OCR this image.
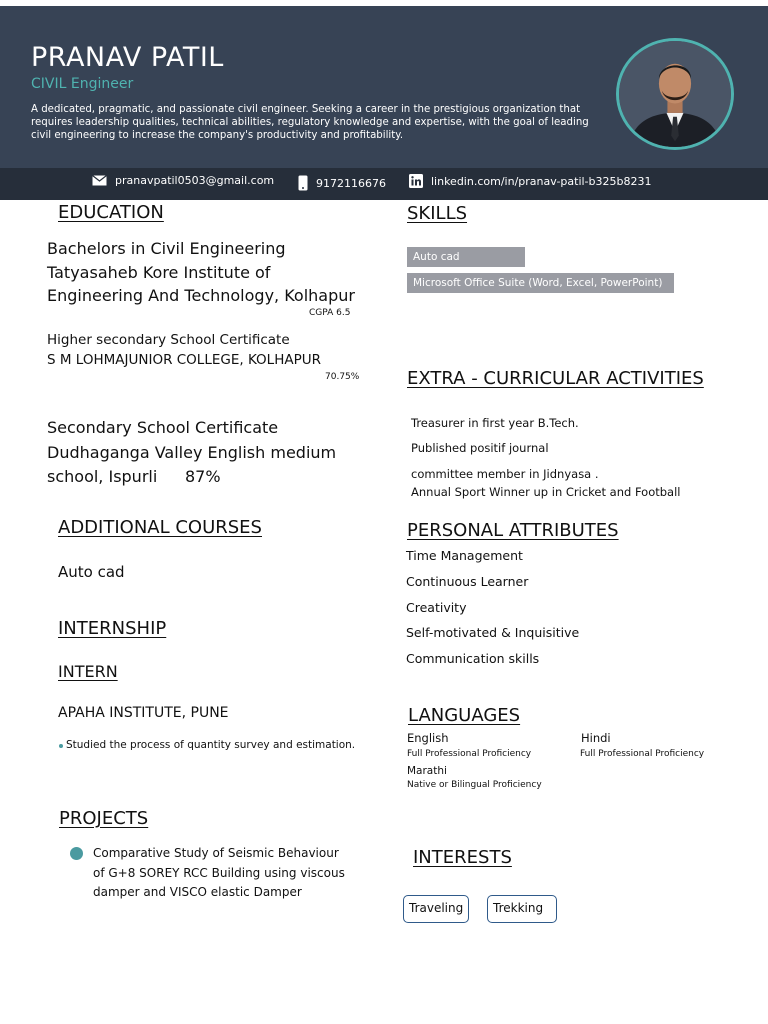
PRANAV PATIL
CIVIL Engineer
A dedicated, pragmatic, and passionate civil engineer. Seeking a career in the prestigious organization that requires leadership qualities, technical abilities, regulatory knowledge and expertise, with the goal of leading civil engineering to increase the company's productivity and profitability.
pranavpatil0503@gmail.com	9172116676	linkedin.com/in/pranav-patil-b325b8231
EDUCATION
Bachelors in Civil Engineering
Tatyasaheb Kore Institute of
Engineering And Technology, Kolhapur
CGPA 6.5
Higher secondary School Certificate
S M LOHMAJUNIOR COLLEGE, KOLHAPUR
70.75%
Secondary School Certificate
Dudhaganga Valley English medium
school, Ispurli 87%
ADDITIONAL COURSES
Auto cad
INTERNSHIP
INTERN
APAHA INSTITUTE, PUNE
Studied the process of quantity survey and estimation.
PROJECTS
Comparative Study of Seismic Behaviour
of G+8 SOREY RCC Building using viscous
damper and VISCO elastic Damper
SKILLS
Auto cad
Microsoft Office Suite (Word, Excel, PowerPoint)
EXTRA - CURRICULAR ACTIVITIES
Treasurer in first year B.Tech.
Published positif journal
committee member in Jidnyasa .
Annual Sport Winner up in Cricket and Football
PERSONAL ATTRIBUTES
Time Management
Continuous Learner
Creativity
Self-motivated & Inquisitive
Communication skills
LANGUAGES
English
Full Professional Proficiency
Hindi
Full Professional Proficiency
Marathi
Native or Bilingual Proficiency
INTERESTS
Traveling	Trekking
